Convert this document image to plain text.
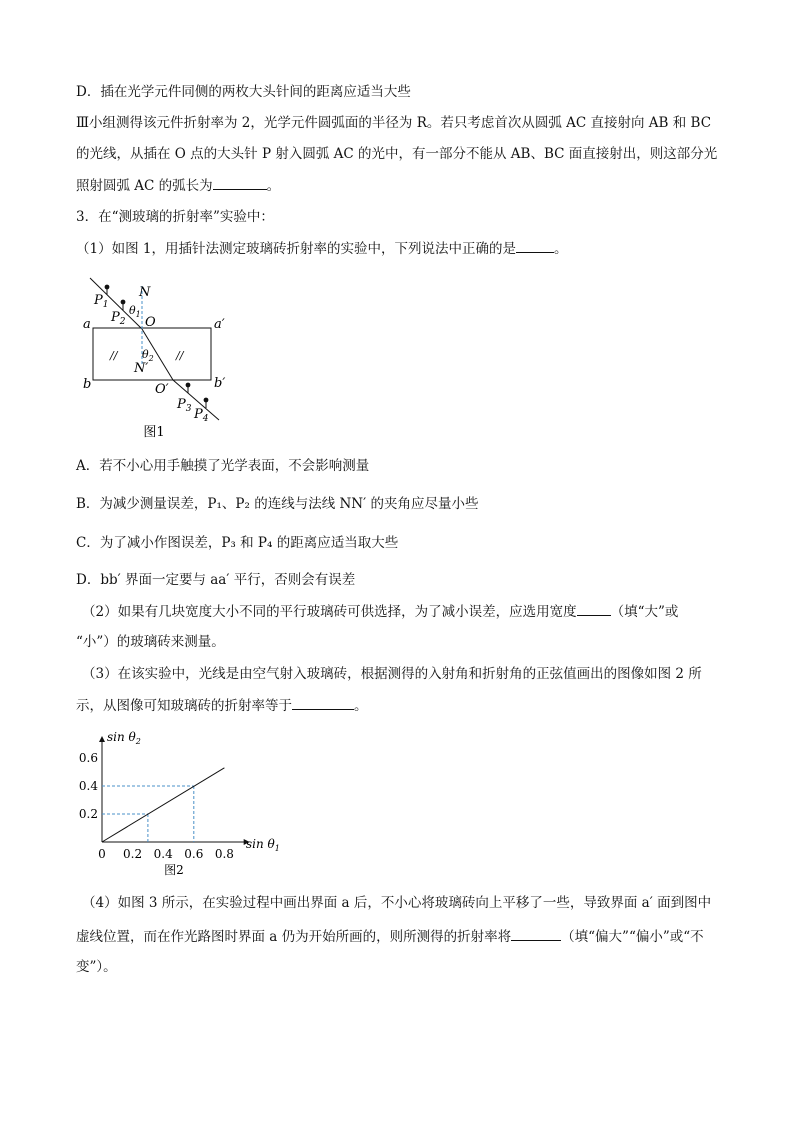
D．插在光学元件同侧的两枚大头针间的距离应适当大些
Ⅲ小组测得该元件折射率为 2，光学元件圆弧面的半径为 R。若只考虑首次从圆弧 AC 直接射向 AB 和 BC
的光线，从插在 O 点的大头针 P 射入圆弧 AC 的光中，有一部分不能从 AB、BC 面直接射出，则这部分光
照射圆弧 AC 的弧长为	。
3．在“测玻璃的折射率”实验中：
（1）如图 1，用插针法测定玻璃砖折射率的实验中，下列说法中正确的是	。
$P_1$
$P_2$
N
$\theta_1$
O
a	a′
$\theta_2$
N′
//	//
b	b′
O′
$P_3$ $P_4$
图1
A．若不小心用手触摸了光学表面，不会影响测量
B．为减少测量误差，P₁、P₂ 的连线与法线 NN′ 的夹角应尽量小些
C．为了减小作图误差，P₃ 和 P₄ 的距离应适当取大些
D．bb′ 界面一定要与 aa′ 平行，否则会有误差
（2）如果有几块宽度大小不同的平行玻璃砖可供选择，为了减小误差，应选用宽度	（填“大”或
“小”）的玻璃砖来测量。
（3）在该实验中，光线是由空气射入玻璃砖，根据测得的入射角和折射角的正弦值画出的图像如图 2 所
示，从图像可知玻璃砖的折射率等于	。
0 0.2 0.4 0.6 0.8
0.2
0.4
0.6
$\sin \theta_2$
$\sin \theta_1$
图2
（4）如图 3 所示，在实验过程中画出界面 a 后，不小心将玻璃砖向上平移了一些，导致界面 a′ 面到图中
虚线位置，而在作光路图时界面 a 仍为开始所画的，则所测得的折射率将	（填“偏大”“偏小”或“不
变”）。
